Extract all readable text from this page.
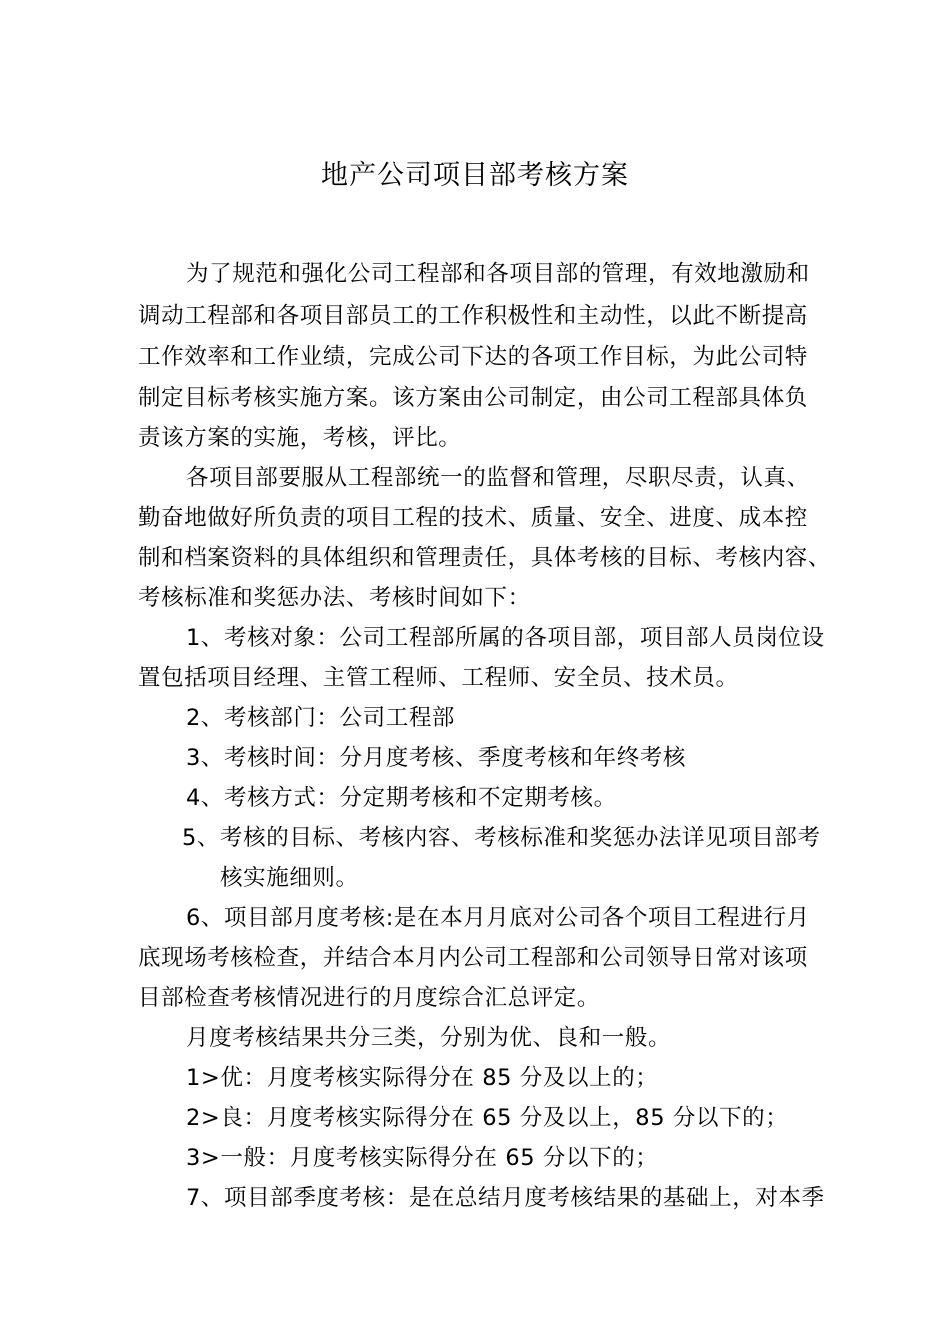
地产公司项目部考核方案
为了规范和强化公司工程部和各项目部的管理，有效地激励和
调动工程部和各项目部员工的工作积极性和主动性，以此不断提高
工作效率和工作业绩，完成公司下达的各项工作目标，为此公司特
制定目标考核实施方案。该方案由公司制定，由公司工程部具体负
责该方案的实施，考核，评比。
各项目部要服从工程部统一的监督和管理，尽职尽责，认真、
勤奋地做好所负责的项目工程的技术、质量、安全、进度、成本控
制和档案资料的具体组织和管理责任，具体考核的目标、考核内容、
考核标准和奖惩办法、考核时间如下：
1、考核对象：公司工程部所属的各项目部，项目部人员岗位设
置包括项目经理、主管工程师、工程师、安全员、技术员。
2、考核部门：公司工程部
3、考核时间：分月度考核、季度考核和年终考核
4、考核方式：分定期考核和不定期考核。
5、考核的目标、考核内容、考核标准和奖惩办法详见项目部考
核实施细则。
6、项目部月度考核:是在本月月底对公司各个项目工程进行月
底现场考核检查，并结合本月内公司工程部和公司领导日常对该项
目部检查考核情况进行的月度综合汇总评定。
月度考核结果共分三类，分别为优、良和一般。
1>优：月度考核实际得分在 85 分及以上的；
2>良：月度考核实际得分在 65 分及以上，85 分以下的；
3>一般：月度考核实际得分在 65 分以下的；
7、项目部季度考核：是在总结月度考核结果的基础上，对本季
